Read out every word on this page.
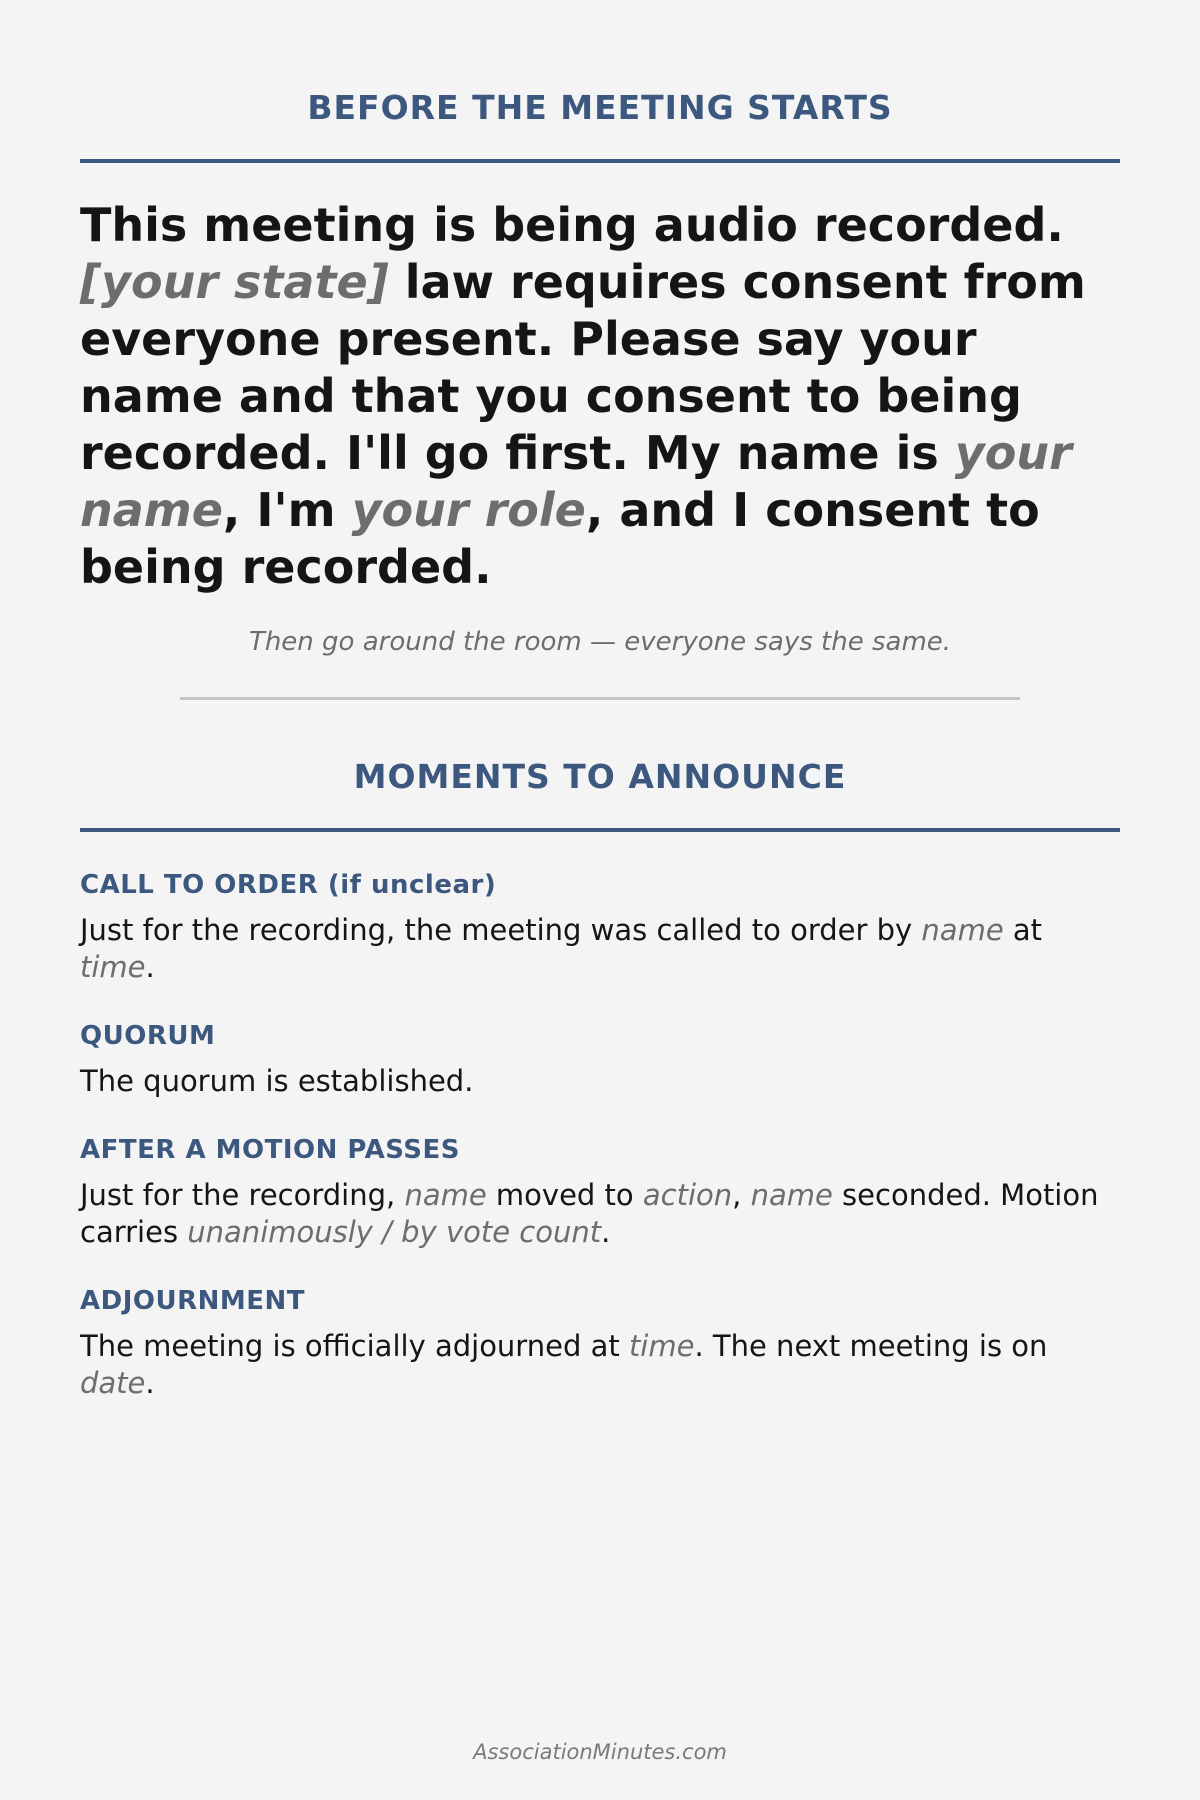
BEFORE THE MEETING STARTS

This meeting is being audio recorded. [your state] law requires consent from everyone present. Please say your name and that you consent to being recorded. I'll go first. My name is your name, I'm your role, and I consent to being recorded.

Then go around the room — everyone says the same.

MOMENTS TO ANNOUNCE
CALL TO ORDER (if unclear)

Just for the recording, the meeting was called to order by name at time.

QUORUM

The quorum is established.

AFTER A MOTION PASSES

Just for the recording, name moved to action, name seconded. Motion carries unanimously / by vote count.

ADJOURNMENT

The meeting is officially adjourned at time. The next meeting is on date.

AssociationMinutes.com
